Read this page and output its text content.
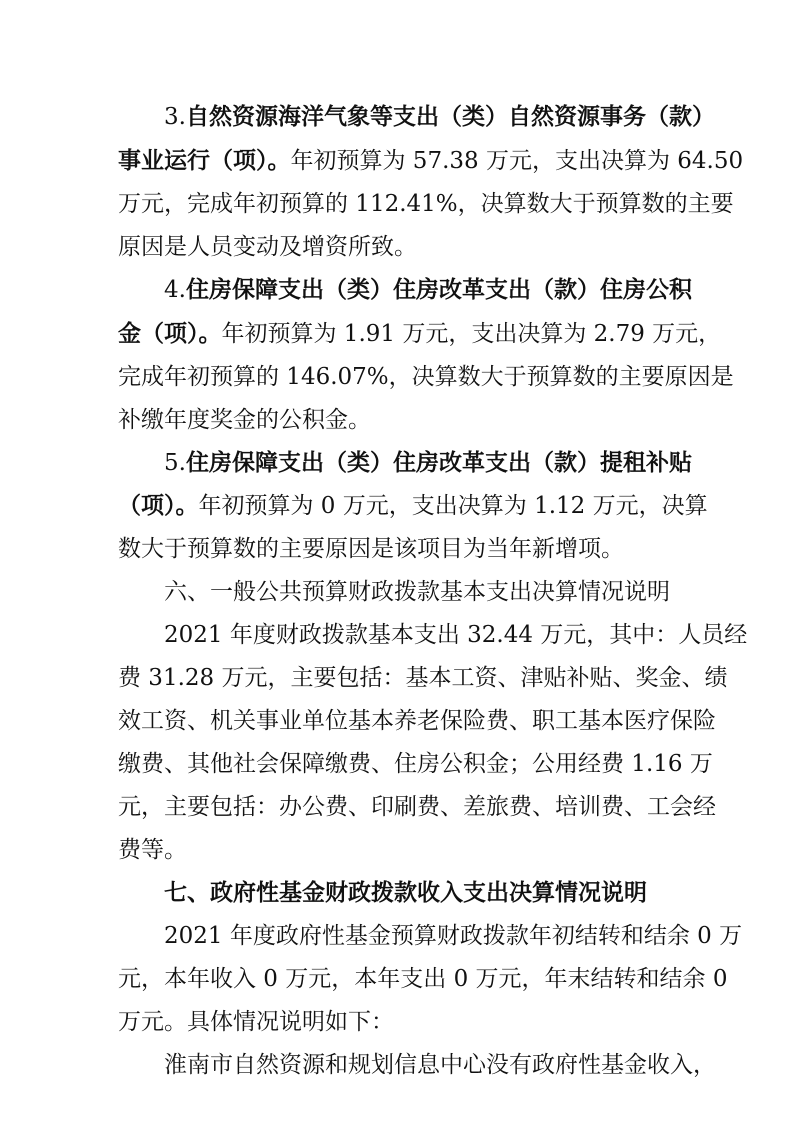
3.自然资源海洋气象等支出（类）自然资源事务（款）
事业运行（项）。年初预算为 57.38 万元，支出决算为 64.50
万元，完成年初预算的 112.41%，决算数大于预算数的主要
原因是人员变动及增资所致。
4.住房保障支出（类）住房改革支出（款）住房公积
金（项）。年初预算为 1.91 万元，支出决算为 2.79 万元，
完成年初预算的 146.07%，决算数大于预算数的主要原因是
补缴年度奖金的公积金。
5.住房保障支出（类）住房改革支出（款）提租补贴
（项）。年初预算为 0 万元，支出决算为 1.12 万元，决算
数大于预算数的主要原因是该项目为当年新增项。
六、一般公共预算财政拨款基本支出决算情况说明
2021 年度财政拨款基本支出 32.44 万元，其中：人员经
费 31.28 万元，主要包括：基本工资、津贴补贴、奖金、绩
效工资、机关事业单位基本养老保险费、职工基本医疗保险
缴费、其他社会保障缴费、住房公积金；公用经费 1.16 万
元，主要包括：办公费、印刷费、差旅费、培训费、工会经
费等。
七、政府性基金财政拨款收入支出决算情况说明
2021 年度政府性基金预算财政拨款年初结转和结余 0 万
元，本年收入 0 万元，本年支出 0 万元，年末结转和结余 0
万元。具体情况说明如下：
淮南市自然资源和规划信息中心没有政府性基金收入，
